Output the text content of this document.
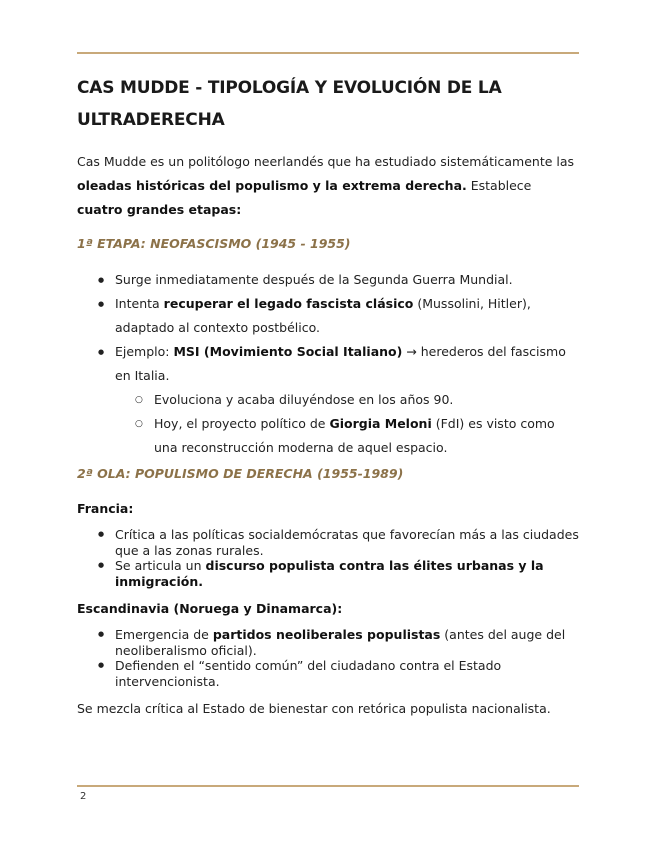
CAS MUDDE - TIPOLOGÍA Y EVOLUCIÓN DE LA ULTRADERECHA

Cas Mudde es un politólogo neerlandés que ha estudiado sistemáticamente las oleadas históricas del populismo y la extrema derecha. Establece cuatro grandes etapas:

1ª ETAPA: NEOFASCISMO (1945 - 1955)
● Surge inmediatamente después de la Segunda Guerra Mundial.
● Intenta recuperar el legado fascista clásico (Mussolini, Hitler), adaptado al contexto postbélico.
● Ejemplo: MSI (Movimiento Social Italiano) → herederos del fascismo en Italia.
○ Evoluciona y acaba diluyéndose en los años 90.
○ Hoy, el proyecto político de Giorgia Meloni (FdI) es visto como una reconstrucción moderna de aquel espacio.
2ª OLA: POPULISMO DE DERECHA (1955-1989)

Francia:

● Crítica a las políticas socialdemócratas que favorecían más a las ciudades que a las zonas rurales.
● Se articula un discurso populista contra las élites urbanas y la inmigración.

Escandinavia (Noruega y Dinamarca):

● Emergencia de partidos neoliberales populistas (antes del auge del neoliberalismo oficial).
● Defienden el “sentido común” del ciudadano contra el Estado intervencionista.

Se mezcla crítica al Estado de bienestar con retórica populista nacionalista.

2
